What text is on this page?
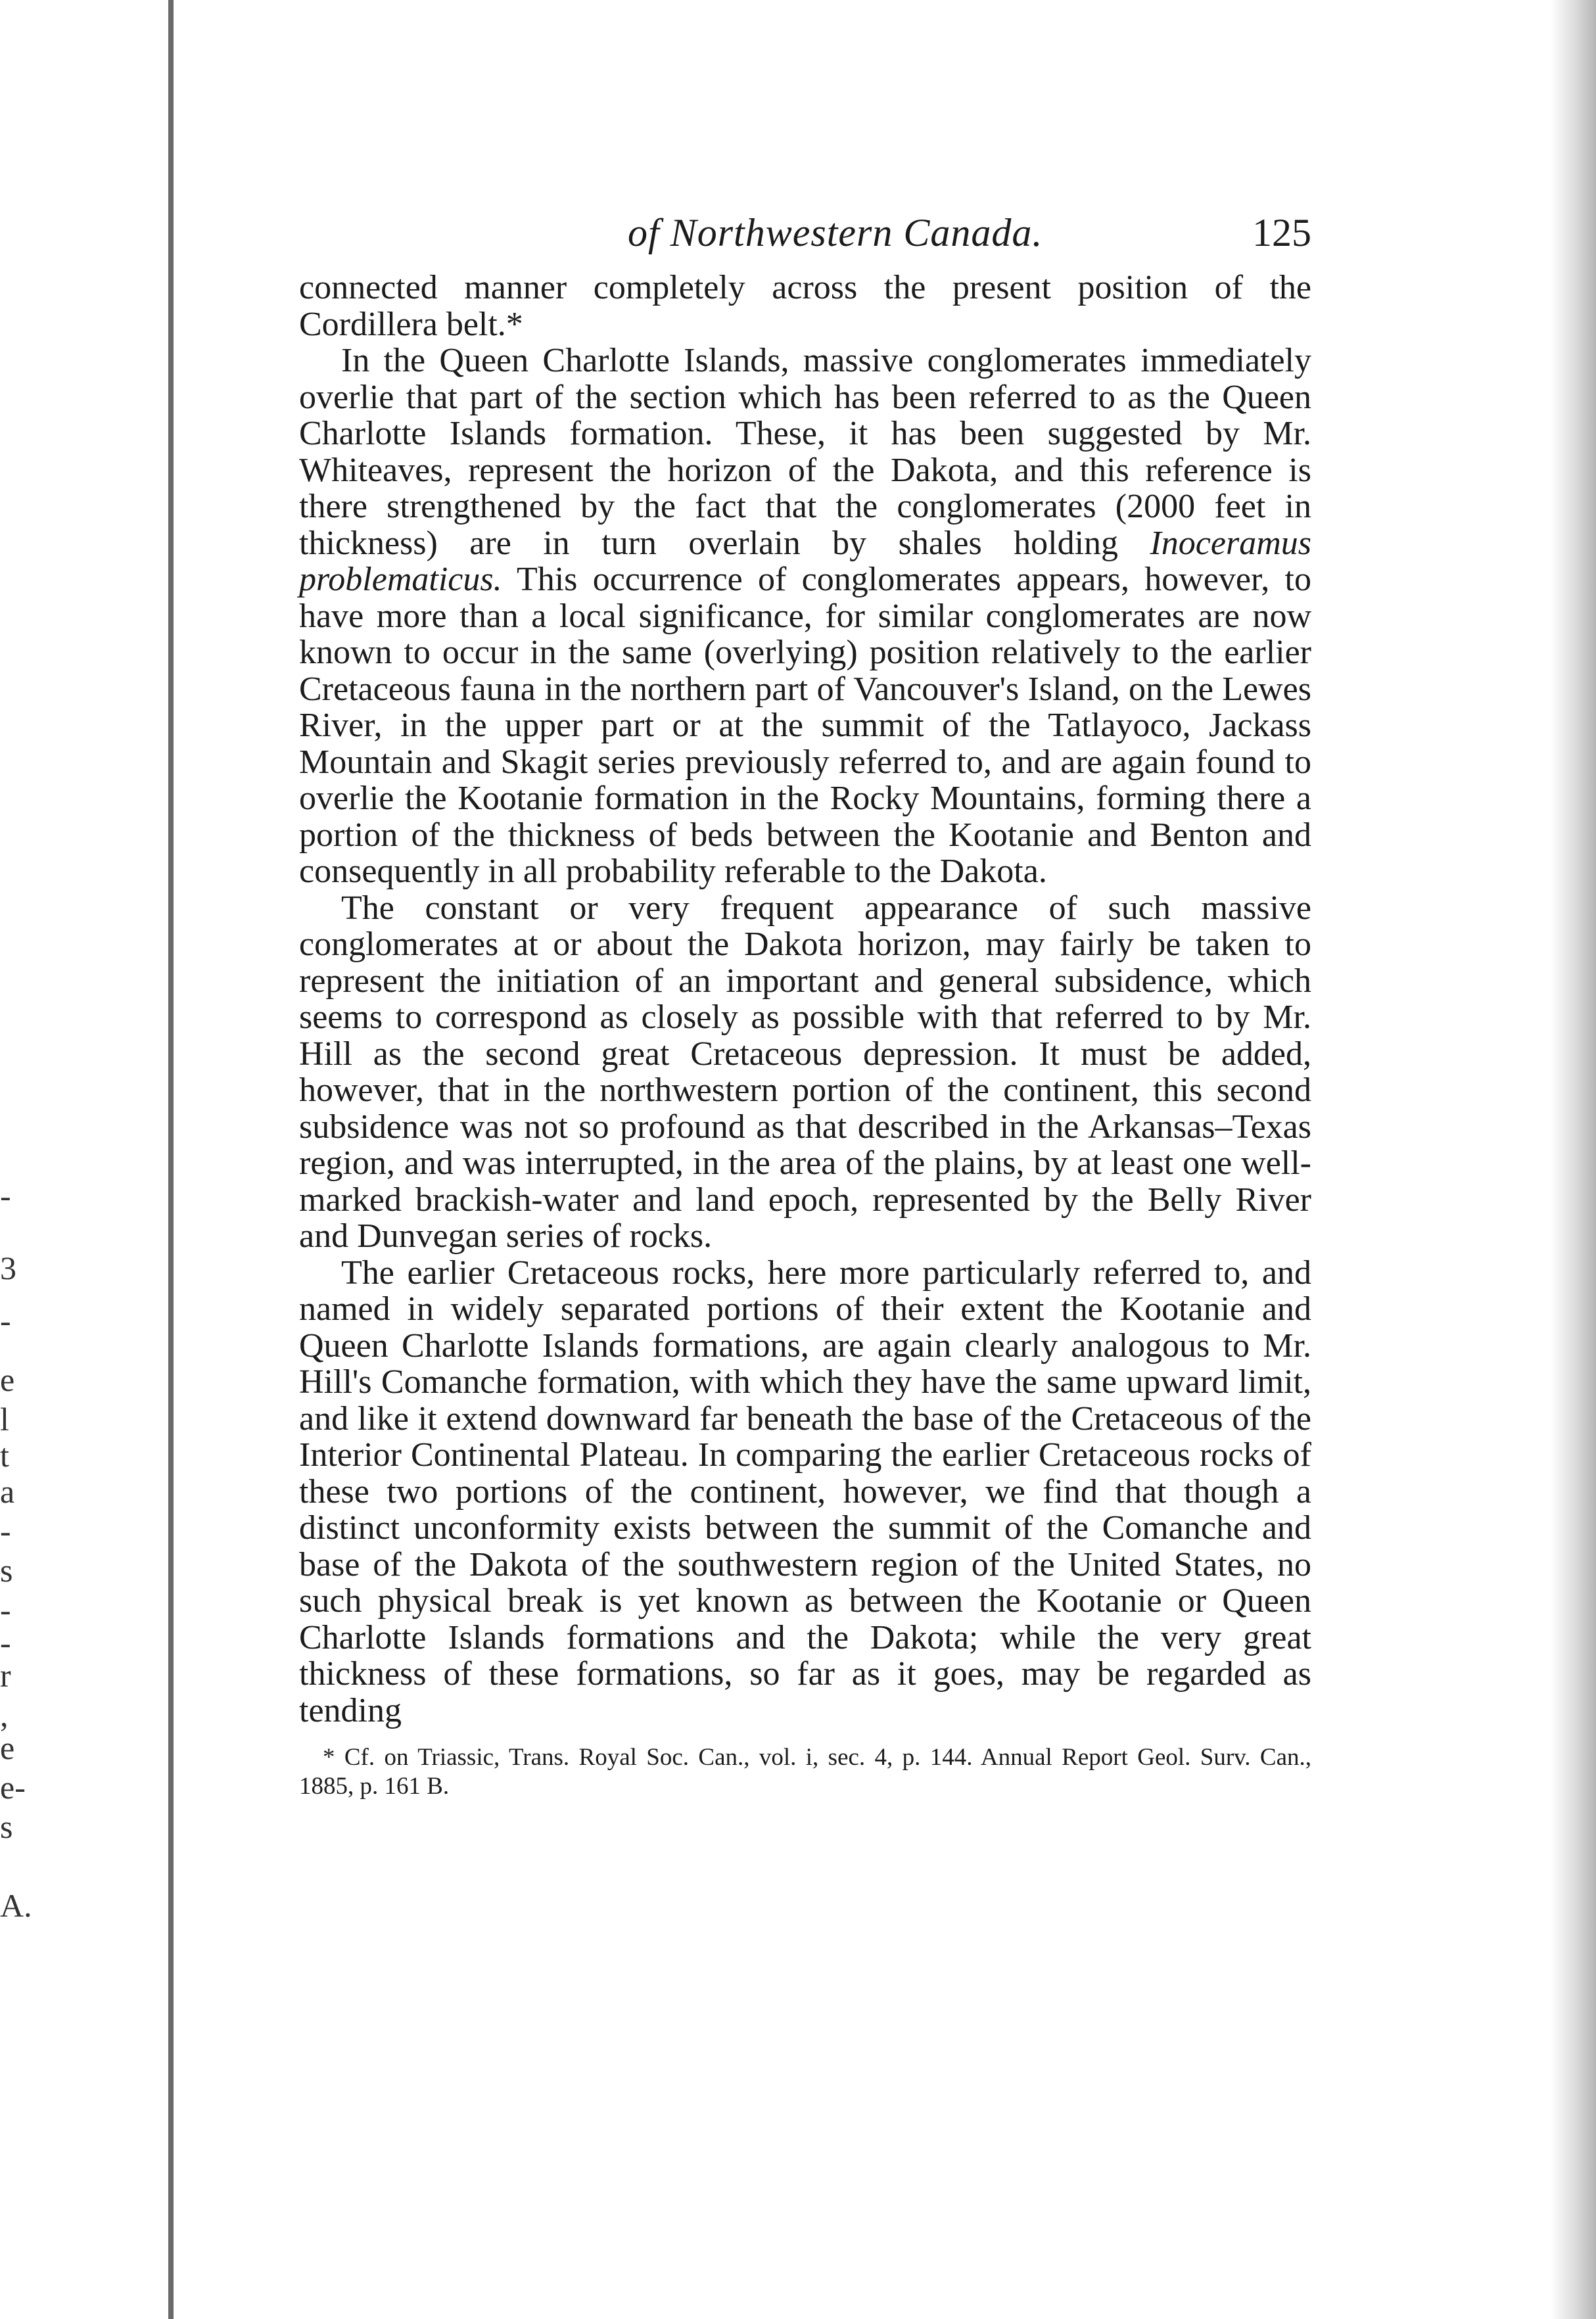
-
3
-
e
l
t
a
-
s
-
-
r
,
e
e-
s
A.
of Northwestern Canada.	125

connected manner completely across the present position of the Cordillera belt.*

In the Queen Charlotte Islands, massive conglomerates immediately overlie that part of the section which has been referred to as the Queen Charlotte Islands formation. These, it has been suggested by Mr. Whiteaves, represent the horizon of the Dakota, and this reference is there strengthened by the fact that the conglomerates (2000 feet in thickness) are in turn overlain by shales holding Inoceramus problematicus. This occurrence of conglomerates appears, however, to have more than a local significance, for similar conglomerates are now known to occur in the same (overlying) position relatively to the earlier Cretaceous fauna in the northern part of Vancouver's Island, on the Lewes River, in the upper part or at the summit of the Tatlayoco, Jackass Mountain and Skagit series previously referred to, and are again found to overlie the Kootanie formation in the Rocky Mountains, forming there a portion of the thickness of beds between the Kootanie and Benton and consequently in all probability referable to the Dakota.

The constant or very frequent appearance of such massive conglomerates at or about the Dakota horizon, may fairly be taken to represent the initiation of an important and general subsidence, which seems to correspond as closely as possible with that referred to by Mr. Hill as the second great Cretaceous depression. It must be added, however, that in the northwestern portion of the continent, this second subsidence was not so profound as that described in the Arkansas–Texas region, and was interrupted, in the area of the plains, by at least one well-marked brackish-water and land epoch, represented by the Belly River and Dunvegan series of rocks.

The earlier Cretaceous rocks, here more particularly referred to, and named in widely separated portions of their extent the Kootanie and Queen Charlotte Islands formations, are again clearly analogous to Mr. Hill's Comanche formation, with which they have the same upward limit, and like it extend downward far beneath the base of the Cretaceous of the Interior Continental Plateau. In comparing the earlier Cretaceous rocks of these two portions of the continent, however, we find that though a distinct unconformity exists between the summit of the Comanche and base of the Dakota of the southwestern region of the United States, no such physical break is yet known as between the Kootanie or Queen Charlotte Islands formations and the Dakota; while the very great thickness of these formations, so far as it goes, may be regarded as tending

* Cf. on Triassic, Trans. Royal Soc. Can., vol. i, sec. 4, p. 144. Annual Report Geol. Surv. Can., 1885, p. 161 B.
